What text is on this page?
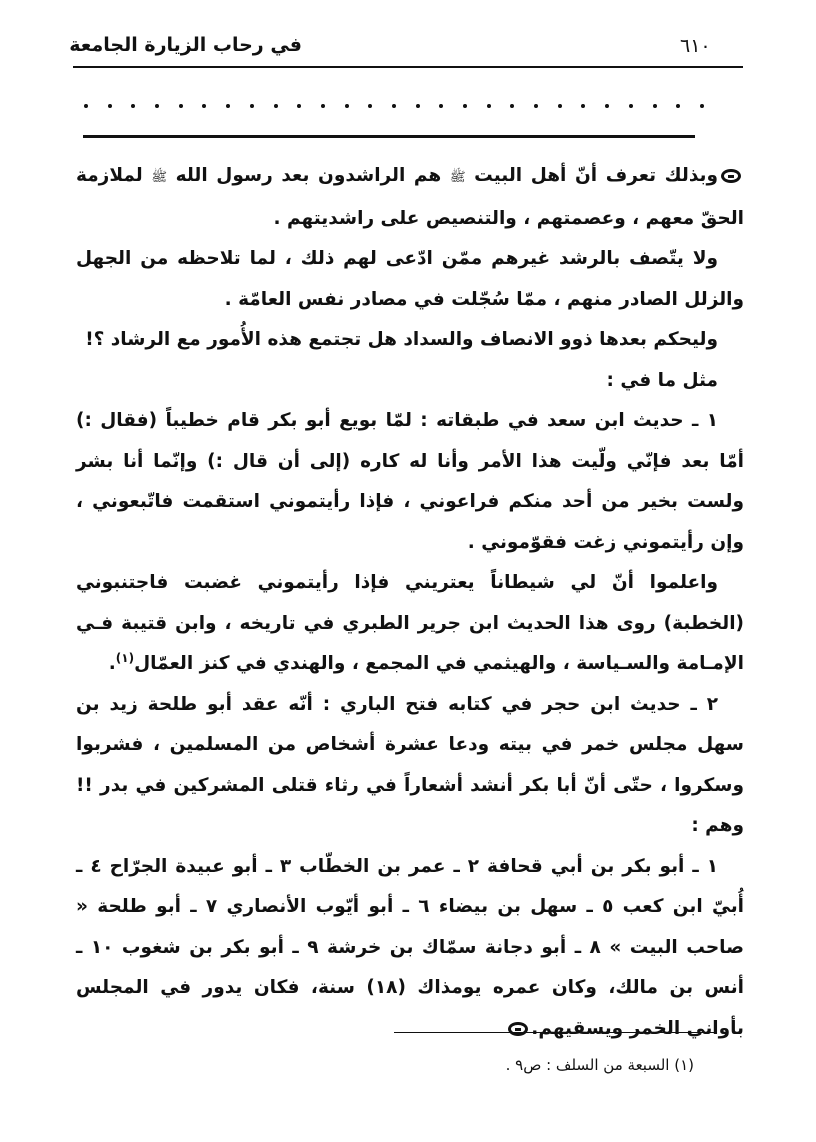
في رحاب الزيارة الجامعة	٦١٠

وبذلك تعرف أنّ أهل البيت ﷺ هم الراشدون بعد رسول الله ﷺ لملازمة الحقّ معهم ، وعصمتهم ، والتنصيص على راشديتهم .

ولا يتّصف بالرشد غيرهم ممّن ادّعى لهم ذلك ، لما تلاحظه من الجهل والزلل الصادر منهم ، ممّا سُجّلت في مصادر نفس العامّة .

وليحكم بعدها ذوو الانصاف والسداد هل تجتمع هذه الأُمور مع الرشاد ؟!

مثل ما في :

١ ـ حديث ابن سعد في طبقاته : لمّا بويع أبو بكر قام خطيباً (فقال :) أمّا بعد فإنّي ولّيت هذا الأمر وأنا له كاره (إلى أن قال :) وإنّما أنا بشر ولست بخير من أحد منكم فراعوني ، فإذا رأيتموني استقمت فاتّبعوني ، وإن رأيتموني زغت فقوّموني .

واعلموا أنّ لي شيطاناً يعتريني فإذا رأيتموني غضبت فاجتنبوني (الخطبة) روى هذا الحديث ابن جرير الطبري في تاريخه ، وابن قتيبة فـي الإمـامة والسـياسة ، والهيثمي في المجمع ، والهندي في كنز العمّال$^{(١)}$.

٢ ـ حديث ابن حجر في كتابه فتح الباري : أنّه عقد أبو طلحة زيد بن سهل مجلس خمر في بيته ودعا عشرة أشخاص من المسلمين ، فشربوا وسكروا ، حتّى أنّ أبا بكر أنشد أشعاراً في رثاء قتلى المشركين في بدر !! وهم :

١ ـ أبو بكر بن أبي قحافة ٢ ـ عمر بن الخطّاب ٣ ـ أبو عبيدة الجرّاح ٤ ـ أُبيّ ابن كعب ٥ ـ سهل بن بيضاء ٦ ـ أبو أيّوب الأنصاري ٧ ـ أبو طلحة « صاحب البيت » ٨ ـ أبو دجانة سمّاك بن خرشة ٩ ـ أبو بكر بن شغوب ١٠ ـ أنس بن مالك، وكان عمره يومذاك (١٨) سنة، فكان يدور في المجلس بأواني الخمر ويسقيهم.

(١) السبعة من السلف : ص٩ .
